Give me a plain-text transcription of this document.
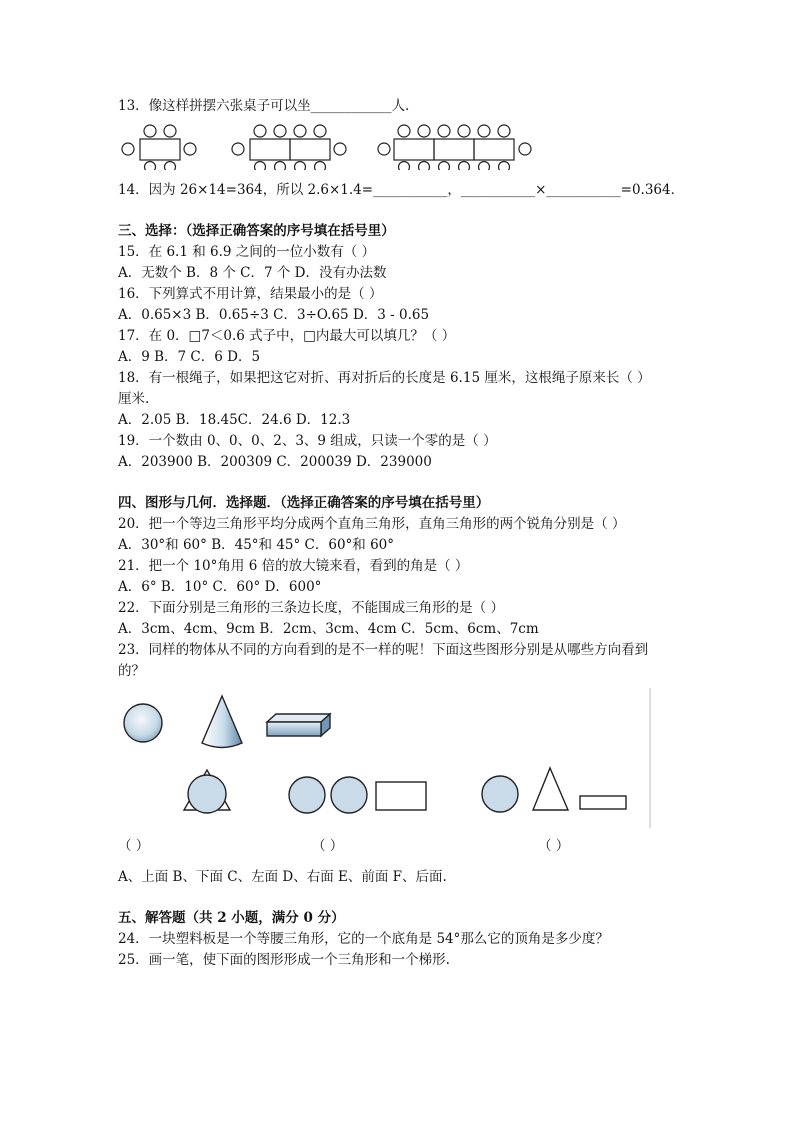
13．像这样拼摆六张桌子可以坐____________人．
14．因为 26×14=364，所以 2.6×1.4=___________，___________×___________=0.364．
三、选择：（选择正确答案的序号填在括号里）
15．在 6.1 和 6.9 之间的一位小数有（ ）
A．无数个 B．8 个 C．7 个 D．没有办法数
16．下列算式不用计算，结果最小的是（ ）
A．0.65×3 B．0.65÷3 C．3÷O.65 D．3 - 0.65
17．在 0．□7＜0.6 式子中，□内最大可以填几？（ ）
A．9 B．7 C．6 D．5
18．有一根绳子，如果把这它对折、再对折后的长度是 6.15 厘米，这根绳子原来长（ ）
厘米.
A．2.05 B．18.45C．24.6 D．12.3
19．一个数由 0、0、0、2、3、9 组成，只读一个零的是（ ）
A．203900 B．200309 C．200039 D．239000
四、图形与几何．选择题．（选择正确答案的序号填在括号里）
20．把一个等边三角形平均分成两个直角三角形，直角三角形的两个锐角分别是（ ）
A．30°和 60° B．45°和 45° C．60°和 60°
21．把一个 10°角用 6 倍的放大镜来看，看到的角是（ ）
A．6° B．10° C．60° D．600°
22．下面分别是三角形的三条边长度，不能围成三角形的是（ ）
A．3cm、4cm、9cm B．2cm、3cm、4cm C．5cm、6cm、7cm
23．同样的物体从不同的方向看到的是不一样的呢！下面这些图形分别是从哪些方向看到
的？
（ ）	（ ）	（ ）
A、上面 B、下面 C、左面 D、右面 E、前面 F、后面.
五、解答题（共 2 小题，满分 0 分）
24．一块塑料板是一个等腰三角形，它的一个底角是 54°那么它的顶角是多少度？
25．画一笔，使下面的图形形成一个三角形和一个梯形.
